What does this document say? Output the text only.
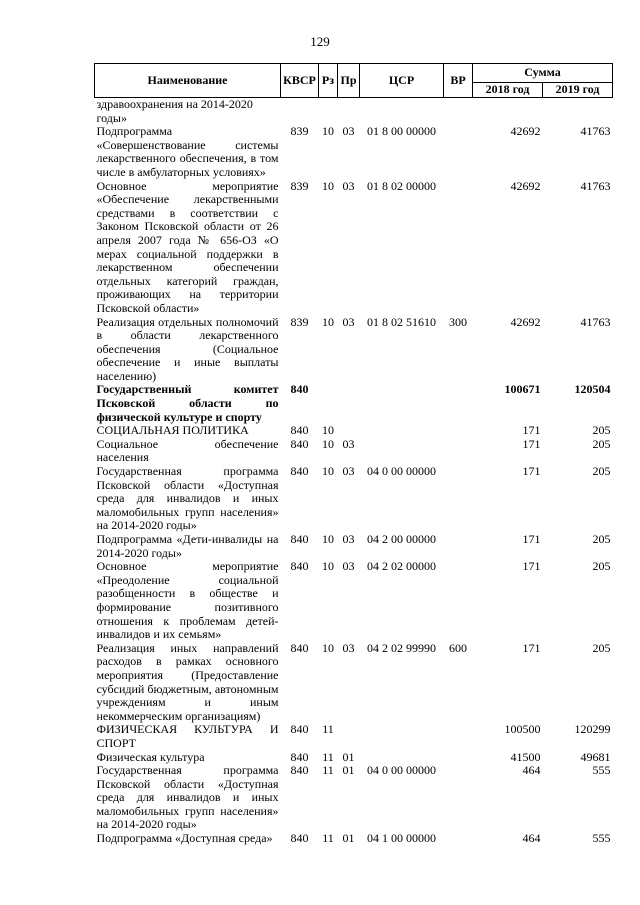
129
Наименование	КВСР	Рз	Пр	ЦСР	ВР	Сумма	
						2018 год	2019 год
здравоохранения на 2014-2020 годы»							
Подпрограмма «Совершенствование системы лекарственного обеспечения, в том числе в амбулаторных условиях»	839	10	03	01 8 00 00000		42692	41763
Основное мероприятие «Обеспечение лекарственными средствами в соответствии с Законом Псковской области от 26 апреля 2007 года № 656-ОЗ «О мерах социальной поддержки в лекарственном обеспечении отдельных категорий граждан, проживающих на территории Псковской области»	839	10	03	01 8 02 00000		42692	41763
Реализация отдельных полномочий в области лекарственного обеспечения (Социальное обеспечение и иные выплаты населению)	839	10	03	01 8 02 51610	300	42692	41763
Государственный комитет Псковской области по физической культуре и спорту	840					100671	120504
СОЦИАЛЬНАЯ ПОЛИТИКА	840	10				171	205
Социальное обеспечение населения	840	10	03			171	205
Государственная программа Псковской области «Доступная среда для инвалидов и иных маломобильных групп населения» на 2014-2020 годы»	840	10	03	04 0 00 00000		171	205
Подпрограмма «Дети-инвалиды на 2014-2020 годы»	840	10	03	04 2 00 00000		171	205
Основное мероприятие «Преодоление социальной разобщенности в обществе и формирование позитивного отношения к проблемам детей-инвалидов и их семьям»	840	10	03	04 2 02 00000		171	205
Реализация иных направлений расходов в рамках основного мероприятия (Предоставление субсидий бюджетным, автономным учреждениям и иным некоммерческим организациям)	840	10	03	04 2 02 99990	600	171	205
ФИЗИЧЕСКАЯ КУЛЬТУРА И СПОРТ	840	11				100500	120299
Физическая культура	840	11	01			41500	49681
Государственная программа Псковской области «Доступная среда для инвалидов и иных маломобильных групп населения» на 2014-2020 годы»	840	11	01	04 0 00 00000		464	555
Подпрограмма «Доступная среда»	840	11	01	04 1 00 00000		464	555
